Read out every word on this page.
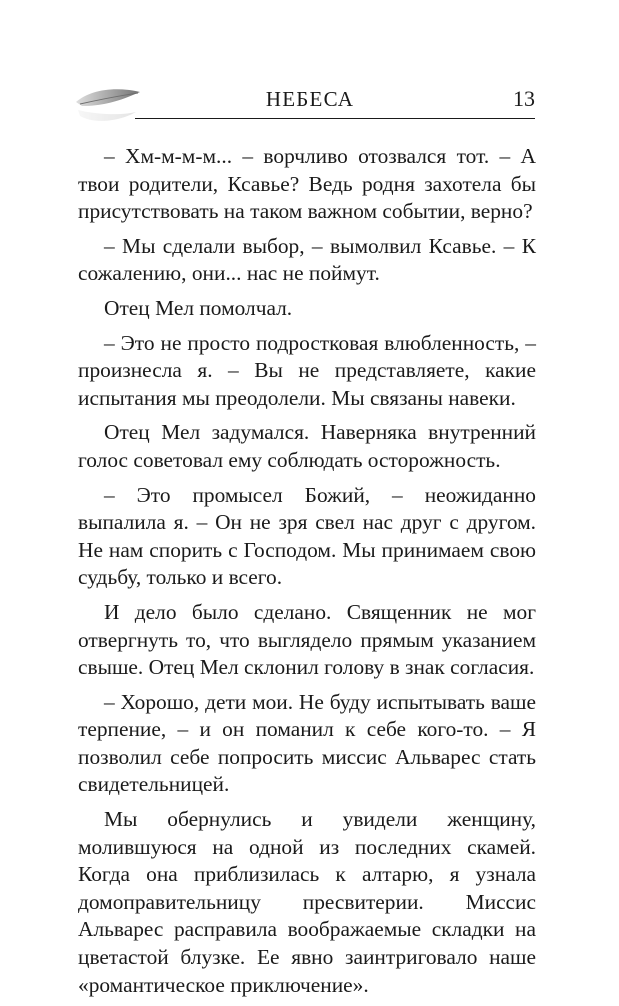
НЕБЕСА	13

– Хм-м-м-м... – ворчливо отозвался тот. – А твои родители, Ксавье? Ведь родня захотела бы присутствовать на таком важном событии, верно?

– Мы сделали выбор, – вымолвил Ксавье. – К сожалению, они... нас не поймут.

Отец Мел помолчал.

– Это не просто подростковая влюбленность, – произнесла я. – Вы не представляете, какие испытания мы преодолели. Мы связаны навеки.

Отец Мел задумался. Наверняка внутренний голос советовал ему соблюдать осторожность.

– Это промысел Божий, – неожиданно выпалила я. – Он не зря свел нас друг с другом. Не нам спорить с Господом. Мы принимаем свою судьбу, только и всего.

И дело было сделано. Священник не мог отвергнуть то, что выглядело прямым указанием свыше. Отец Мел склонил голову в знак согласия.

– Хорошо, дети мои. Не буду испытывать ваше терпение, – и он поманил к себе кого-то. – Я позволил себе попросить миссис Альварес стать свидетельницей.

Мы обернулись и увидели женщину, молившуюся на одной из последних скамей. Когда она приблизилась к алтарю, я узнала домоправительницу пресвитерии. Миссис Альварес расправила воображаемые складки на цветастой блузке. Ее явно заинтриговало наше «романтическое приключение».
